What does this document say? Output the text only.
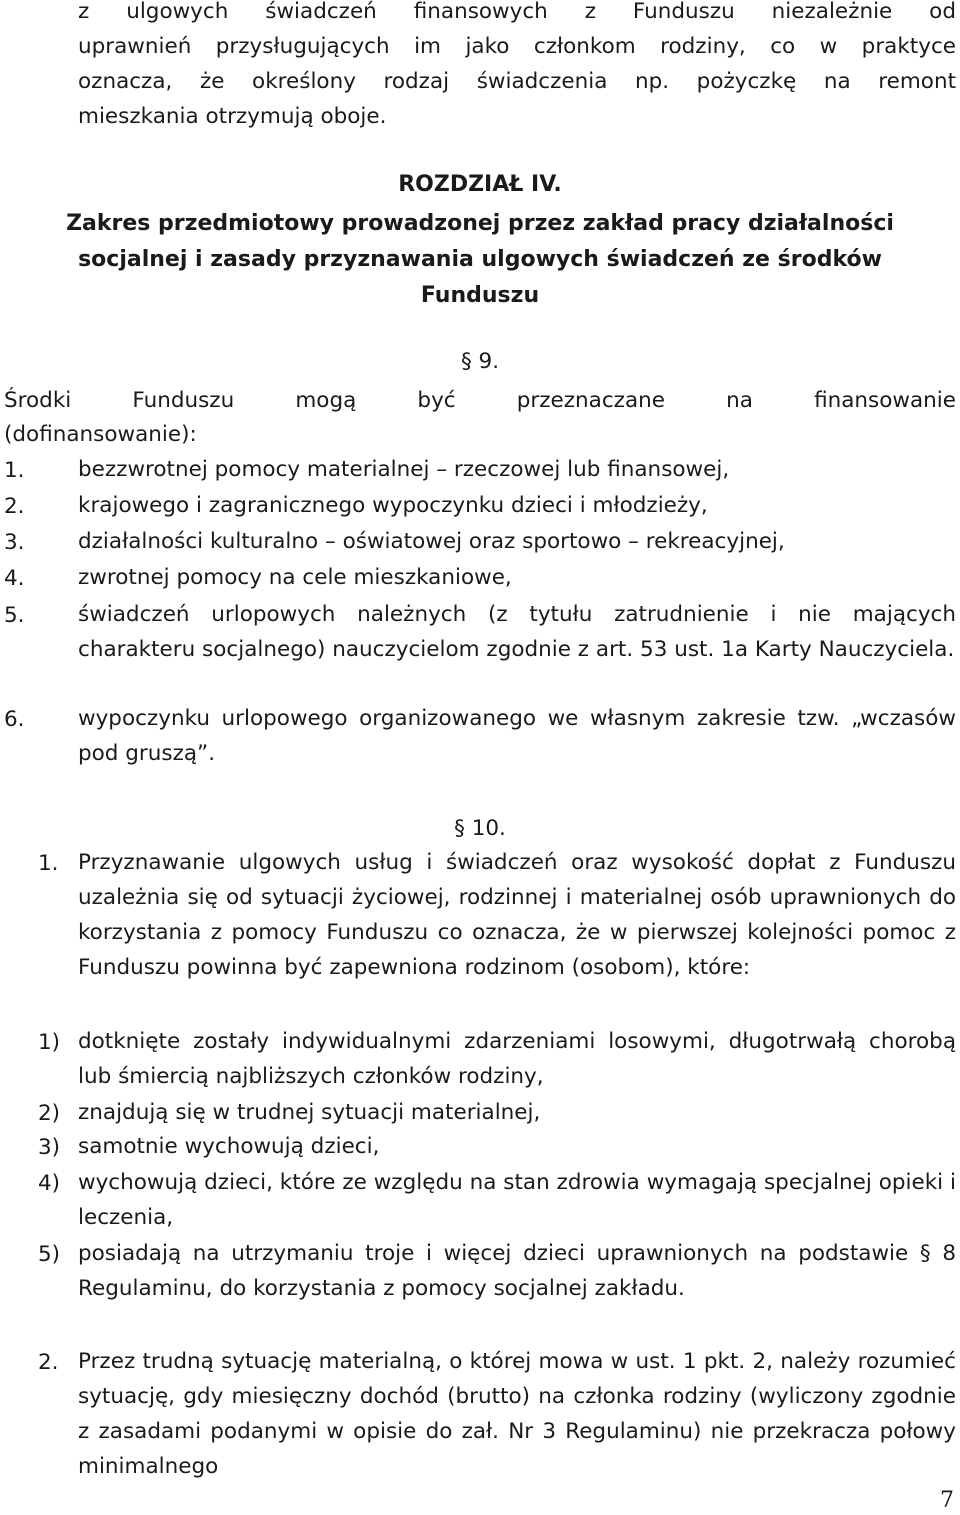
z ulgowych świadczeń finansowych z Funduszu niezależnie od
uprawnień przysługujących im jako członkom rodziny, co w praktyce
oznacza, że określony rodzaj świadczenia np. pożyczkę na remont
mieszkania otrzymują oboje.
ROZDZIAŁ IV.
Zakres przedmiotowy prowadzonej przez zakład pracy działalności
socjalnej i zasady przyznawania ulgowych świadczeń ze środków
Funduszu
§ 9.
Środki Funduszu mogą być przeznaczane na finansowanie
(dofinansowanie):
1. bezzwrotnej pomocy materialnej – rzeczowej lub finansowej,
2. krajowego i zagranicznego wypoczynku dzieci i młodzieży,
3. działalności kulturalno – oświatowej oraz sportowo – rekreacyjnej,
4. zwrotnej pomocy na cele mieszkaniowe,
5. świadczeń urlopowych należnych (z tytułu zatrudnienie i nie mających charakteru socjalnego) nauczycielom zgodnie z art. 53 ust. 1a Karty Nauczyciela.
6. wypoczynku urlopowego organizowanego we własnym zakresie tzw. „wczasów pod gruszą”.
§ 10.
1. Przyznawanie ulgowych usług i świadczeń oraz wysokość dopłat z Funduszu uzależnia się od sytuacji życiowej, rodzinnej i materialnej osób uprawnionych do korzystania z pomocy Funduszu co oznacza, że w pierwszej kolejności pomoc z Funduszu powinna być zapewniona rodzinom (osobom), które:
1) dotknięte zostały indywidualnymi zdarzeniami losowymi, długotrwałą chorobą lub śmiercią najbliższych członków rodziny,
2) znajdują się w trudnej sytuacji materialnej,
3) samotnie wychowują dzieci,
4) wychowują dzieci, które ze względu na stan zdrowia wymagają specjalnej opieki i leczenia,
5) posiadają na utrzymaniu troje i więcej dzieci uprawnionych na podstawie § 8 Regulaminu, do korzystania z pomocy socjalnej zakładu.
2. Przez trudną sytuację materialną, o której mowa w ust. 1 pkt. 2, należy rozumieć sytuację, gdy miesięczny dochód (brutto) na członka rodziny (wyliczony zgodnie z zasadami podanymi w opisie do zał. Nr 3 Regulaminu) nie przekracza połowy minimalnego
7
